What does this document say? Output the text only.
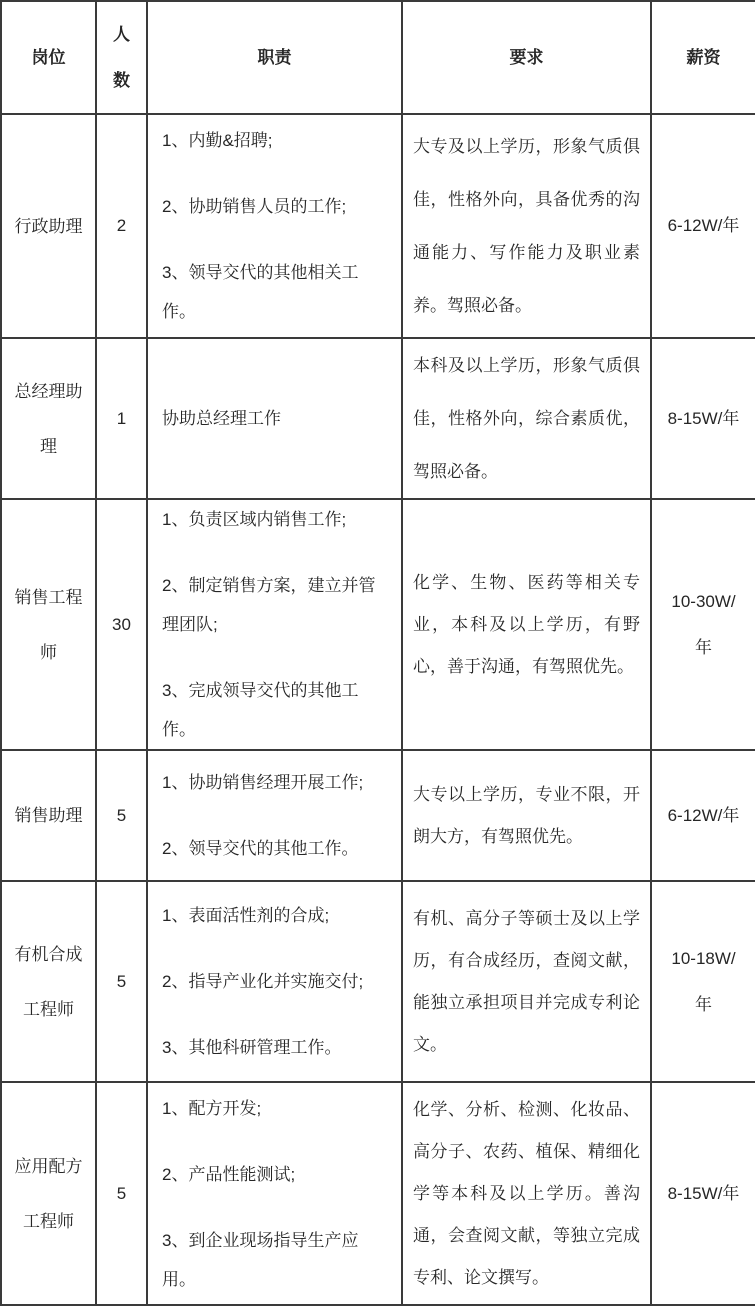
岗位	人数	职责	要求	薪资
行政助理	2	1、内勤&招聘;

2、协助销售人员的工作;

3、领导交代的其他相关工作。	大专及以上学历，形象气质俱佳，性格外向，具备优秀的沟通能力、写作能力及职业素养。驾照必备。	6-12W/年
总经理助理	1	协助总经理工作	本科及以上学历，形象气质俱佳，性格外向，综合素质优，驾照必备。	8-15W/年
销售工程师	30	1、负责区域内销售工作;

2、制定销售方案，建立并管理团队;

3、完成领导交代的其他工作。	化学、生物、医药等相关专业，本科及以上学历，有野心，善于沟通，有驾照优先。	10-30W/年
销售助理	5	1、协助销售经理开展工作;

2、领导交代的其他工作。	大专以上学历，专业不限，开朗大方，有驾照优先。	6-12W/年
有机合成工程师	5	1、表面活性剂的合成;

2、指导产业化并实施交付;

3、其他科研管理工作。	有机、高分子等硕士及以上学历，有合成经历，查阅文献，能独立承担项目并完成专利论文。	10-18W/年
应用配方工程师	5	1、配方开发;

2、产品性能测试;

3、到企业现场指导生产应用。	化学、分析、检测、化妆品、高分子、农药、植保、精细化学等本科及以上学历。善沟通，会查阅文献，等独立完成专利、论文撰写。	8-15W/年
